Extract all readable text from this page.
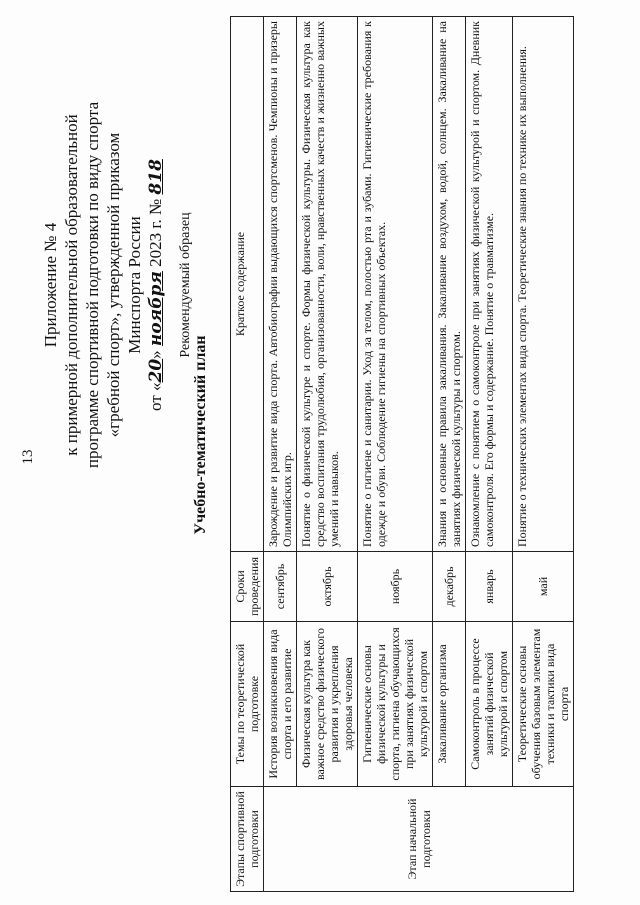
13
Приложение № 4 к примерной дополнительной образовательной программе спортивной подготовки по виду спорта «гребной спорт», утвержденной приказом Минспорта России
от «20» ноября 2023 г. № 818
Рекомендуемый образец
Учебно-тематический план
Этапы спортивной подготовки	Темы по теоретической подготовке	Сроки проведения	Краткое содержание
Этап начальной подготовки	История возникновения вида спорта и его развитие	сентябрь	Зарождение и развитие вида спорта. Автобиографии выдающихся спортсменов. Чемпионы и призеры Олимпийских игр.
	Физическая культура как важное средство физического развития и укрепления здоровья человека	октябрь	Понятие о физической культуре и спорте. Формы физической культуры. Физическая культура как средство воспитания трудолюбия, организованности, воли, нравственных качеств и жизненно важных умений и навыков.
	Гигиенические основы физической культуры и спорта, гигиена обучающихся при занятиях физической культурой и спортом	ноябрь	Понятие о гигиене и санитарии. Уход за телом, полостью рта и зубами. Гигиенические требования к одежде и обуви. Соблюдение гигиены на спортивных объектах.
	Закаливание организма	декабрь	Знания и основные правила закаливания. Закаливание воздухом, водой, солнцем. Закаливание на занятиях физической культуры и спортом.
	Самоконтроль в процессе занятий физической культурой и спортом	январь	Ознакомление с понятием о самоконтроле при занятиях физической культурой и спортом. Дневник самоконтроля. Его формы и содержание. Понятие о травматизме.
	Теоретические основы обучения базовым элементам техники и тактики вида спорта	май	Понятие о технических элементах вида спорта. Теоретические знания по технике их выполнения.
